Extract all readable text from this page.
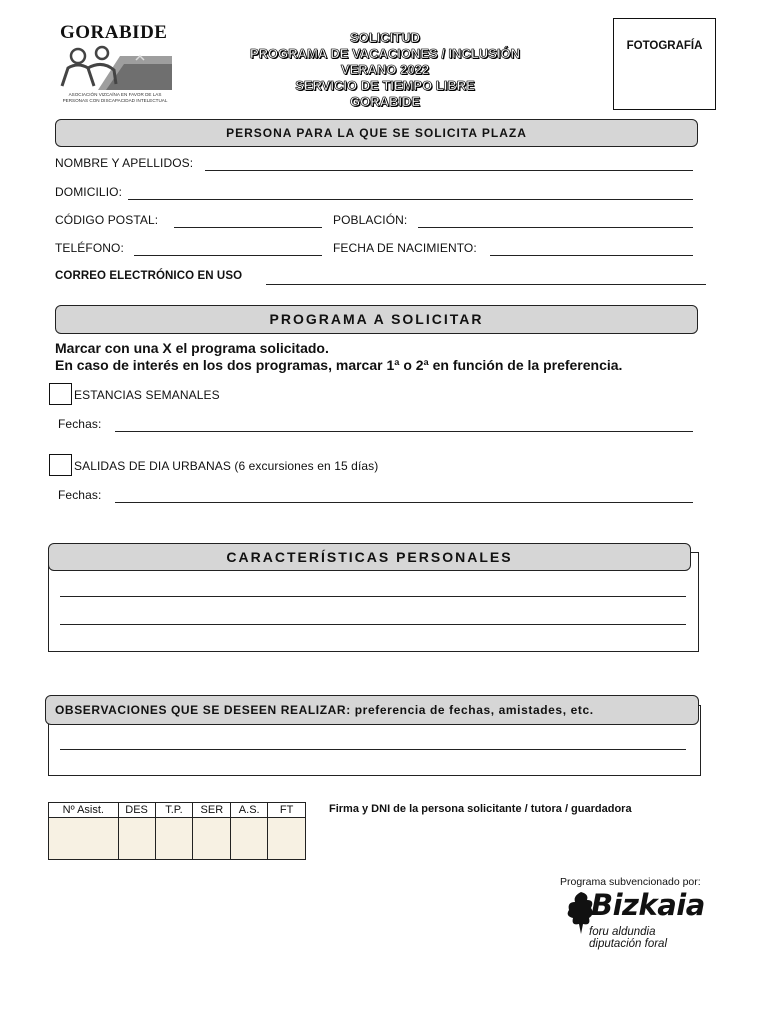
GORABIDE
ASOCIACIÓN VIZCAÍNA EN FAVOR DE LAS PERSONAS CON DISCAPACIDAD INTELECTUAL
SOLICITUD
PROGRAMA DE VACACIONES / INCLUSIÓN
VERANO 2022
SERVICIO DE TIEMPO LIBRE
GORABIDE
FOTOGRAFÍA
PERSONA PARA LA QUE SE SOLICITA PLAZA
NOMBRE Y APELLIDOS:
DOMICILIO:
CÓDIGO POSTAL:	POBLACIÓN:
TELÉFONO:	FECHA DE NACIMIENTO:
CORREO ELECTRÓNICO EN USO
PROGRAMA A SOLICITAR
Marcar con una X el programa solicitado.
En caso de interés en los dos programas, marcar 1ª o 2ª en función de la preferencia.
ESTANCIAS SEMANALES
Fechas:
SALIDAS DE DIA URBANAS (6 excursiones en 15 días)
Fechas:
CARACTERÍSTICAS PERSONALES
OBSERVACIONES QUE SE DESEEN REALIZAR: preferencia de fechas, amistades, etc.
Nº Asist.	DES	T.P.	SER	A.S.	FT
						Firma y DNI de la persona solicitante / tutora / guardadora
Programa subvencionado por:
Bizkaia
foru aldundia
diputación foral
